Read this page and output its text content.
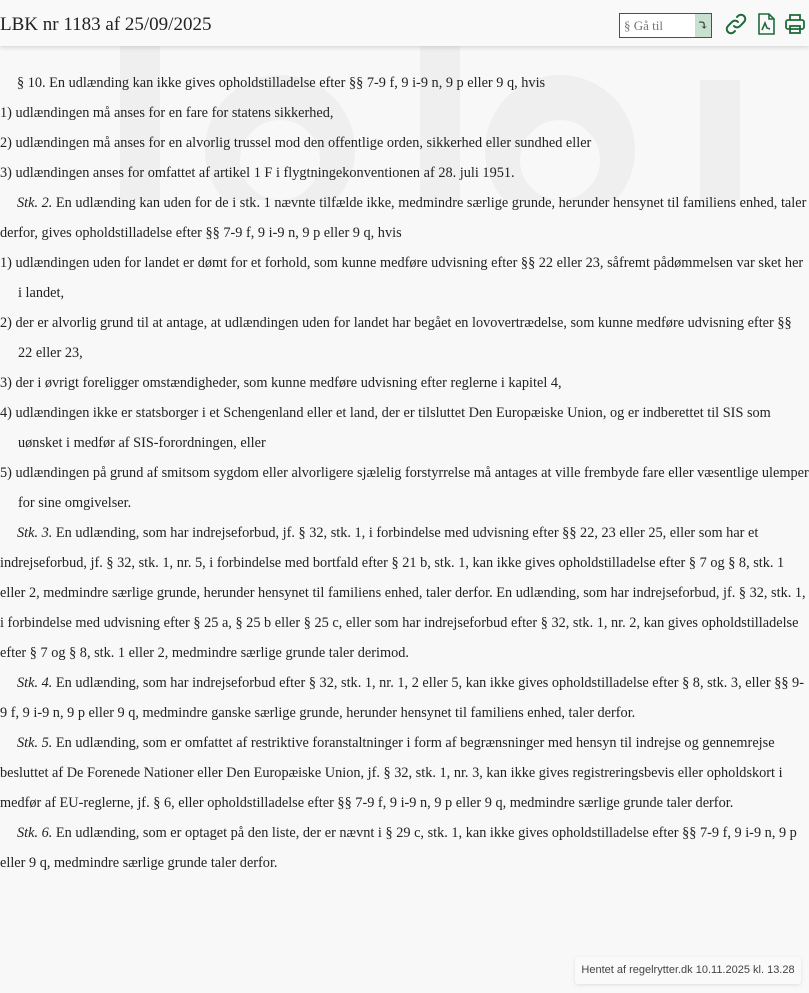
LBK nr 1183 af 25/09/2025
§ Gå til	⤵

§ 10. En udlænding kan ikke gives opholdstilladelse efter §§ 7-9 f, 9 i-9 n, 9 p eller 9 q, hvis

1) udlændingen må anses for en fare for statens sikkerhed,

2) udlændingen må anses for en alvorlig trussel mod den offentlige orden, sikkerhed eller sundhed eller

3) udlændingen anses for omfattet af artikel 1 F i flygtningekonventionen af 28. juli 1951.

Stk. 2. En udlænding kan uden for de i stk. 1 nævnte tilfælde ikke, medmindre særlige grunde, herunder hensynet til familiens enhed, taler derfor, gives opholdstilladelse efter §§ 7-9 f, 9 i-9 n, 9 p eller 9 q, hvis

1) udlændingen uden for landet er dømt for et forhold, som kunne medføre udvisning efter §§ 22 eller 23, såfremt pådømmelsen var sket her i landet,

2) der er alvorlig grund til at antage, at udlændingen uden for landet har begået en lovovertrædelse, som kunne medføre udvisning efter §§ 22 eller 23,

3) der i øvrigt foreligger omstændigheder, som kunne medføre udvisning efter reglerne i kapitel 4,

4) udlændingen ikke er statsborger i et Schengenland eller et land, der er tilsluttet Den Europæiske Union, og er indberettet til SIS som uønsket i medfør af SIS-forordningen, eller

5) udlændingen på grund af smitsom sygdom eller alvorligere sjælelig forstyrrelse må antages at ville frembyde fare eller væsentlige ulemper for sine omgivelser.

Stk. 3. En udlænding, som har indrejseforbud, jf. § 32, stk. 1, i forbindelse med udvisning efter §§ 22, 23 eller 25, eller som har et indrejseforbud, jf. § 32, stk. 1, nr. 5, i forbindelse med bortfald efter § 21 b, stk. 1, kan ikke gives opholdstilladelse efter § 7 og § 8, stk. 1 eller 2, medmindre særlige grunde, herunder hensynet til familiens enhed, taler derfor. En udlænding, som har indrejseforbud, jf. § 32, stk. 1, i forbindelse med udvisning efter § 25 a, § 25 b eller § 25 c, eller som har indrejseforbud efter § 32, stk. 1, nr. 2, kan gives opholdstilladelse efter § 7 og § 8, stk. 1 eller 2, medmindre særlige grunde taler derimod.

Stk. 4. En udlænding, som har indrejseforbud efter § 32, stk. 1, nr. 1, 2 eller 5, kan ikke gives opholdstilladelse efter § 8, stk. 3, eller §§ 9-9 f, 9 i-9 n, 9 p eller 9 q, medmindre ganske særlige grunde, herunder hensynet til familiens enhed, taler derfor.

Stk. 5. En udlænding, som er omfattet af restriktive foranstaltninger i form af begrænsninger med hensyn til indrejse og gennemrejse besluttet af De Forenede Nationer eller Den Europæiske Union, jf. § 32, stk. 1, nr. 3, kan ikke gives registreringsbevis eller opholdskort i medfør af EU-reglerne, jf. § 6, eller opholdstilladelse efter §§ 7-9 f, 9 i-9 n, 9 p eller 9 q, medmindre særlige grunde taler derfor.

Stk. 6. En udlænding, som er optaget på den liste, der er nævnt i § 29 c, stk. 1, kan ikke gives opholdstilladelse efter §§ 7-9 f, 9 i-9 n, 9 p eller 9 q, medmindre særlige grunde taler derfor.

Hentet af regelrytter.dk 10.11.2025 kl. 13.28
